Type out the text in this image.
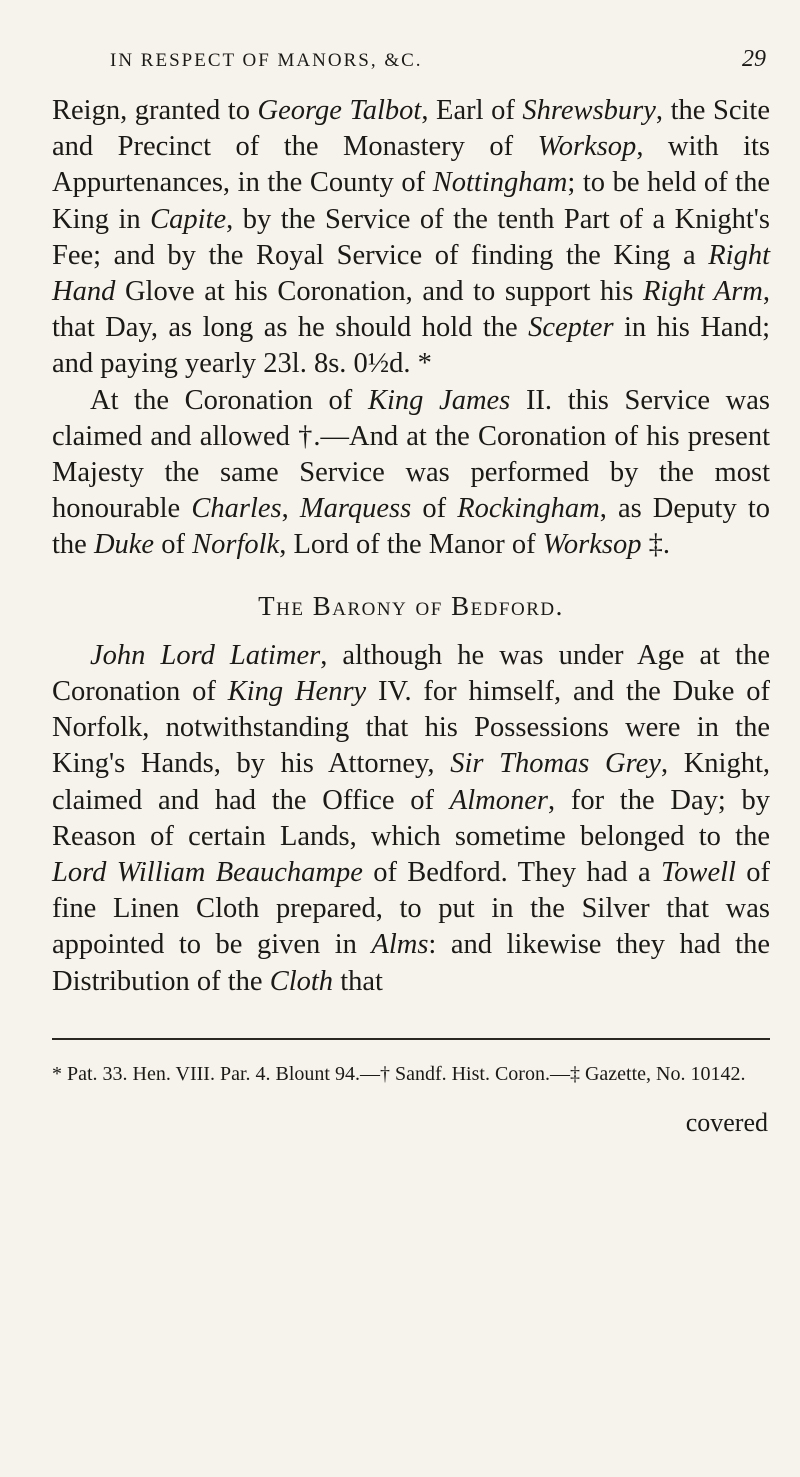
IN RESPECT OF MANORS, &C.	29

Reign, granted to George Talbot, Earl of Shrewsbury, the Scite and Precinct of the Monastery of Worksop, with its Appurtenances, in the County of Nottingham; to be held of the King in Capite, by the Service of the tenth Part of a Knight's Fee; and by the Royal Service of finding the King a Right Hand Glove at his Coronation, and to support his Right Arm, that Day, as long as he should hold the Scepter in his Hand; and paying yearly 23l. 8s. 0½d. *

At the Coronation of King James II. this Service was claimed and allowed †.—And at the Coronation of his present Majesty the same Service was performed by the most honourable Charles, Marquess of Rockingham, as Deputy to the Duke of Norfolk, Lord of the Manor of Worksop ‡.

The Barony of Bedford.

John Lord Latimer, although he was under Age at the Coronation of King Henry IV. for himself, and the Duke of Norfolk, notwithstanding that his Possessions were in the King's Hands, by his Attorney, Sir Thomas Grey, Knight, claimed and had the Office of Almoner, for the Day; by Reason of certain Lands, which sometime belonged to the Lord William Beauchampe of Bedford. They had a Towell of fine Linen Cloth prepared, to put in the Silver that was appointed to be given in Alms: and likewise they had the Distribution of the Cloth that

* Pat. 33. Hen. VIII. Par. 4. Blount 94.—† Sandf. Hist. Coron.—‡ Gazette, No. 10142.
covered
